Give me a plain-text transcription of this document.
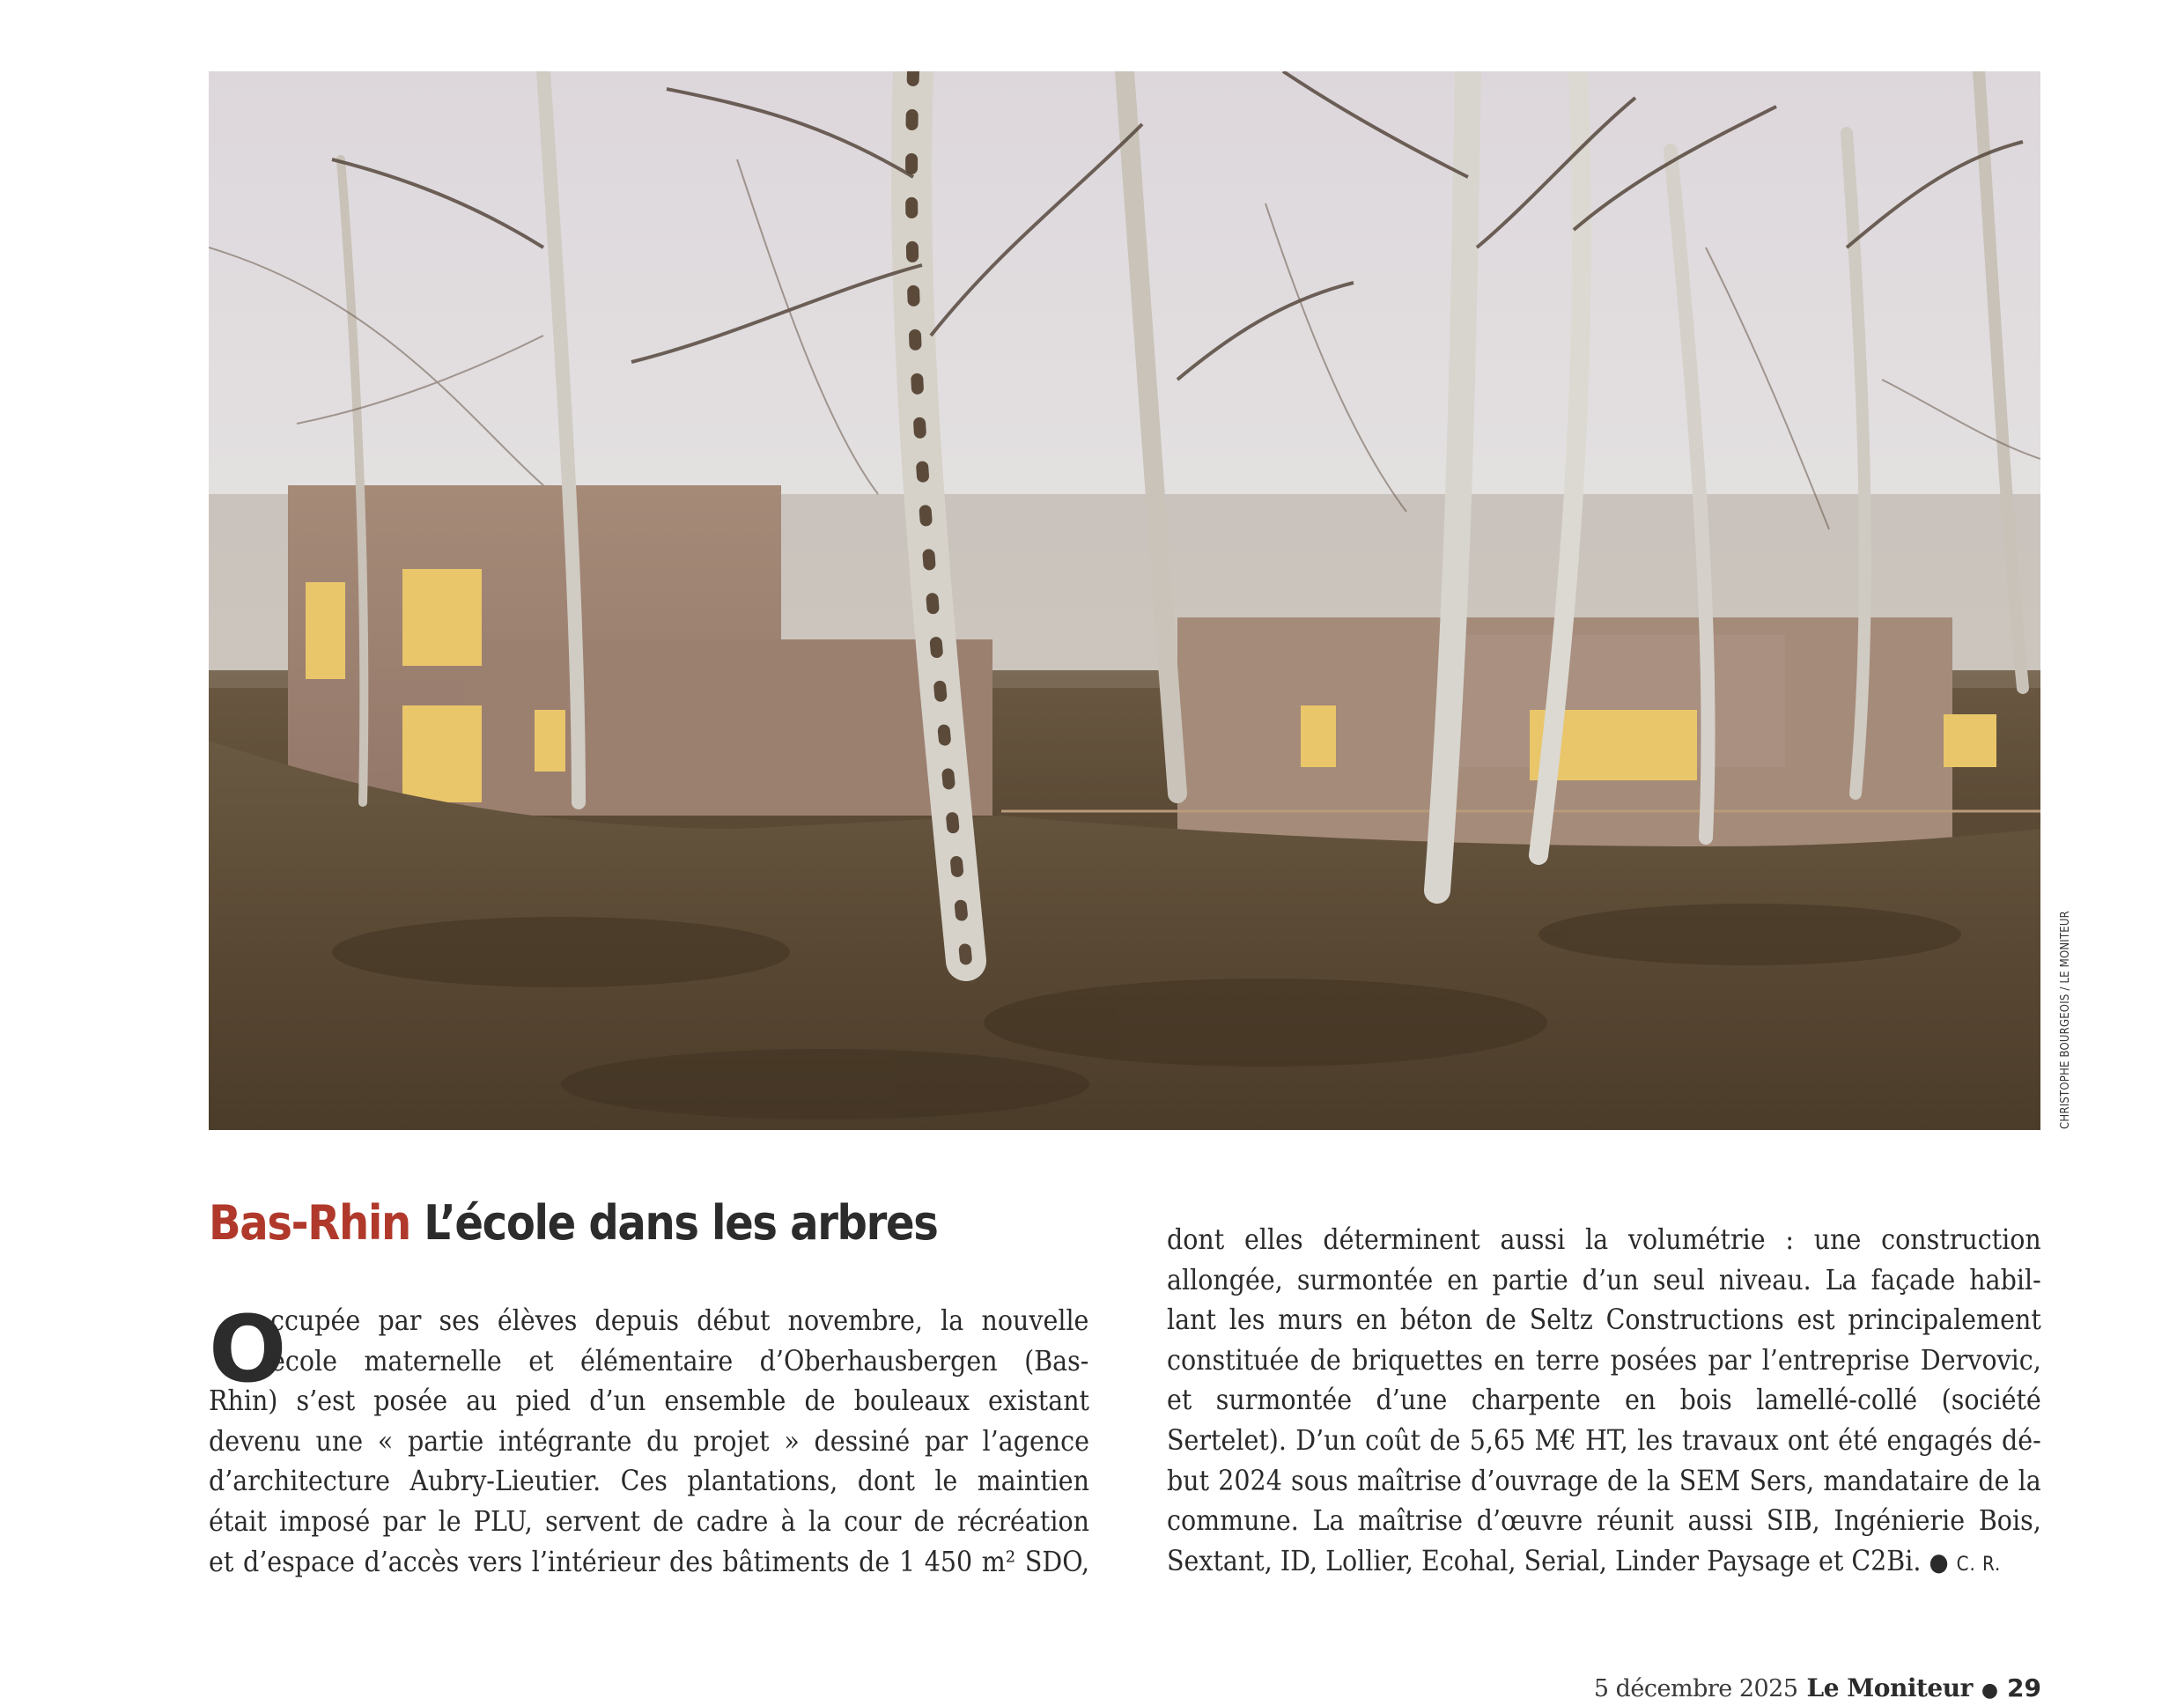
CHRISTOPHE BOURGEOIS / LE MONITEUR
Bas-Rhin L’école dans les arbres
O
ccupée par ses élèves depuis début novembre, la nouvelle
école maternelle et élémentaire d’Oberhausbergen (Bas-
Rhin) s’est posée au pied d’un ensemble de bouleaux existant
devenu une « partie intégrante du projet » dessiné par l’agence
d’architecture Aubry-Lieutier. Ces plantations, dont le maintien
était imposé par le PLU, servent de cadre à la cour de récréation
et d’espace d’accès vers l’intérieur des bâtiments de 1 450 m² SDO,
dont elles déterminent aussi la volumétrie : une construction
allongée, surmontée en partie d’un seul niveau. La façade habil-
lant les murs en béton de Seltz Constructions est principalement
constituée de briquettes en terre posées par l’entreprise Dervovic,
et surmontée d’une charpente en bois lamellé-collé (société
Sertelet). D’un coût de 5,65 M€ HT, les travaux ont été engagés dé-
but 2024 sous maîtrise d’ouvrage de la SEM Sers, mandataire de la
commune. La maîtrise d’œuvre réunit aussi SIB, Ingénierie Bois,
Sextant, ID, Lollier, Ecohal, Serial, Linder Paysage et C2Bi. ● C. R.
5 décembre 2025 Le Moniteur ● 29
